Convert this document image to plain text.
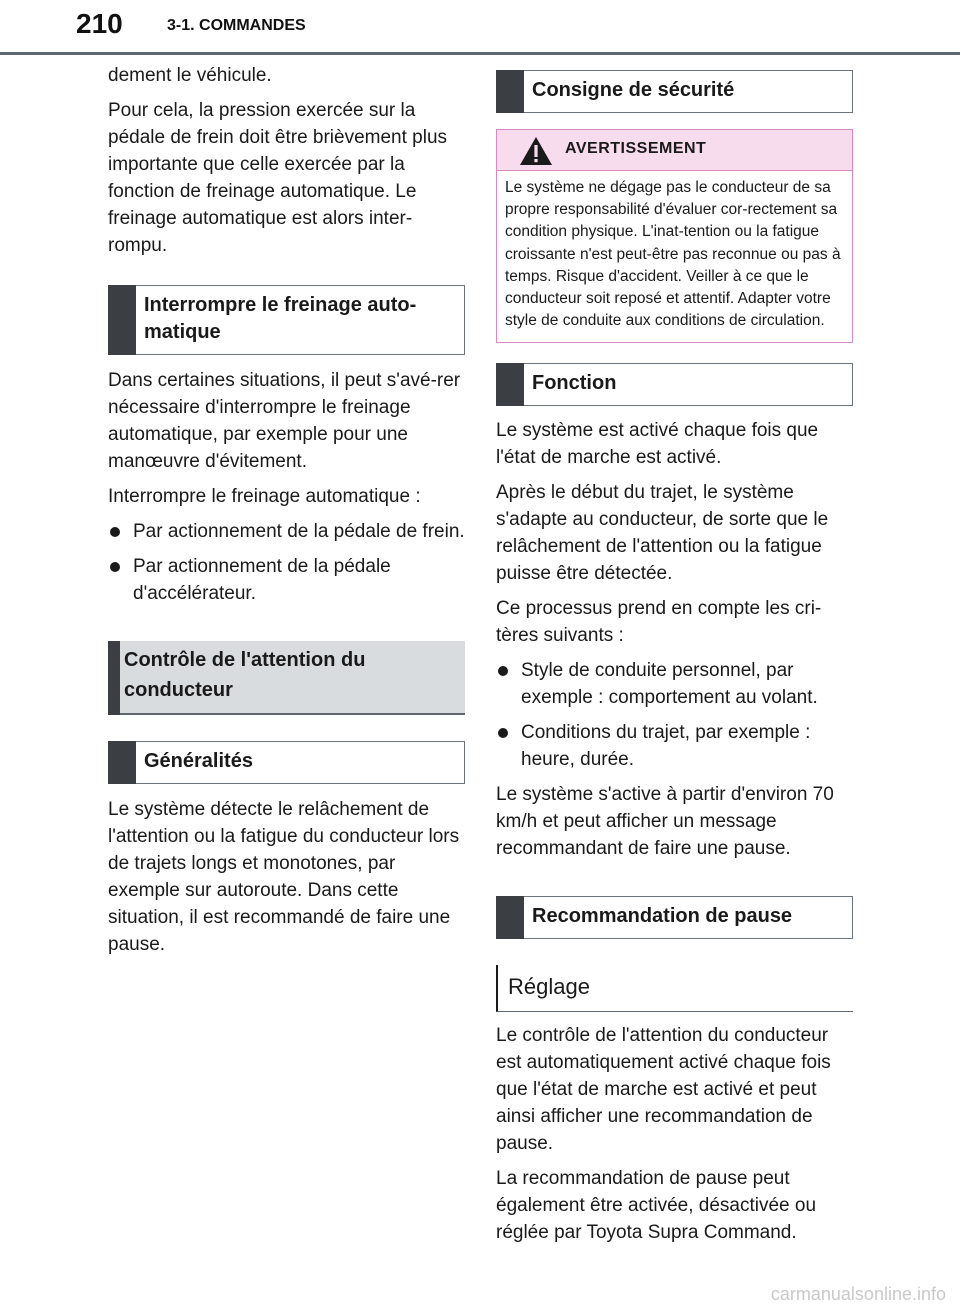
210	3-1. COMMANDES

dement le véhicule.

Pour cela, la pression exercée sur la pédale de frein doit être brièvement plus importante que celle exercée par la fonction de freinage automatique. Le freinage automatique est alors inter-rompu.

Interrompre le freinage auto-matique

Dans certaines situations, il peut s'avé-rer nécessaire d'interrompre le freinage automatique, par exemple pour une manœuvre d'évitement.

Interrompre le freinage automatique :

Par actionnement de la pédale de frein.
Par actionnement de la pédale d'accélérateur.
Contrôle de l'attention du conducteur
Généralités

Le système détecte le relâchement de l'attention ou la fatigue du conducteur lors de trajets longs et monotones, par exemple sur autoroute. Dans cette situation, il est recommandé de faire une pause.

Consigne de sécurité
AVERTISSEMENT

Le système ne dégage pas le conducteur de sa propre responsabilité d'évaluer cor-rectement sa condition physique. L'inat-tention ou la fatigue croissante n'est peut-être pas reconnue ou pas à temps. Risque d'accident. Veiller à ce que le conducteur soit reposé et attentif. Adapter votre style de conduite aux conditions de circulation.

Fonction

Le système est activé chaque fois que l'état de marche est activé.

Après le début du trajet, le système s'adapte au conducteur, de sorte que le relâchement de l'attention ou la fatigue puisse être détectée.

Ce processus prend en compte les cri-tères suivants :

Style de conduite personnel, par exemple : comportement au volant.
Conditions du trajet, par exemple : heure, durée.

Le système s'active à partir d'environ 70 km/h et peut afficher un message recommandant de faire une pause.

Recommandation de pause
Réglage

Le contrôle de l'attention du conducteur est automatiquement activé chaque fois que l'état de marche est activé et peut ainsi afficher une recommandation de pause.

La recommandation de pause peut également être activée, désactivée ou réglée par Toyota Supra Command.

carmanualsonline.info
